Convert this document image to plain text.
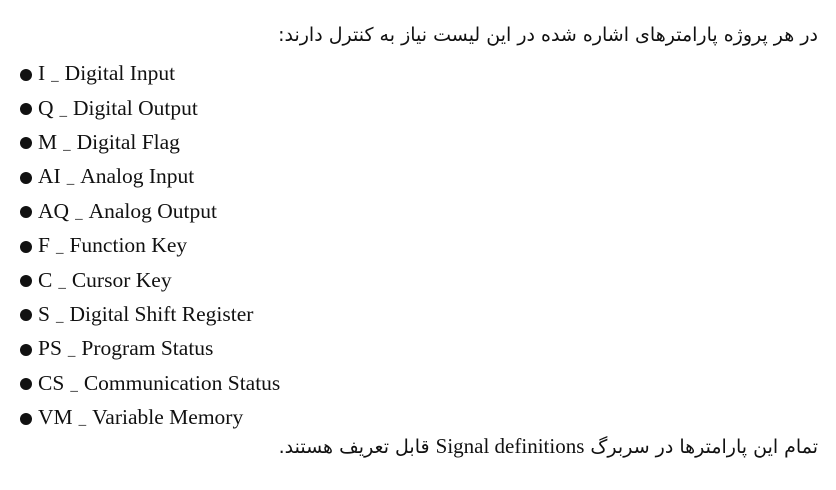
در هر پروژه پارامترهای اشاره شده در این لیست نیاز به کنترل دارند:
I _ Digital Input
Q _ Digital Output
M _ Digital Flag
AI _ Analog Input
AQ _ Analog Output
F _ Function Key
C _ Cursor Key
S _ Digital Shift Register
PS _ Program Status
CS _ Communication Status
VM _ Variable Memory
تمام این پارامترها در سربرگ Signal definitions قابل تعریف هستند.
